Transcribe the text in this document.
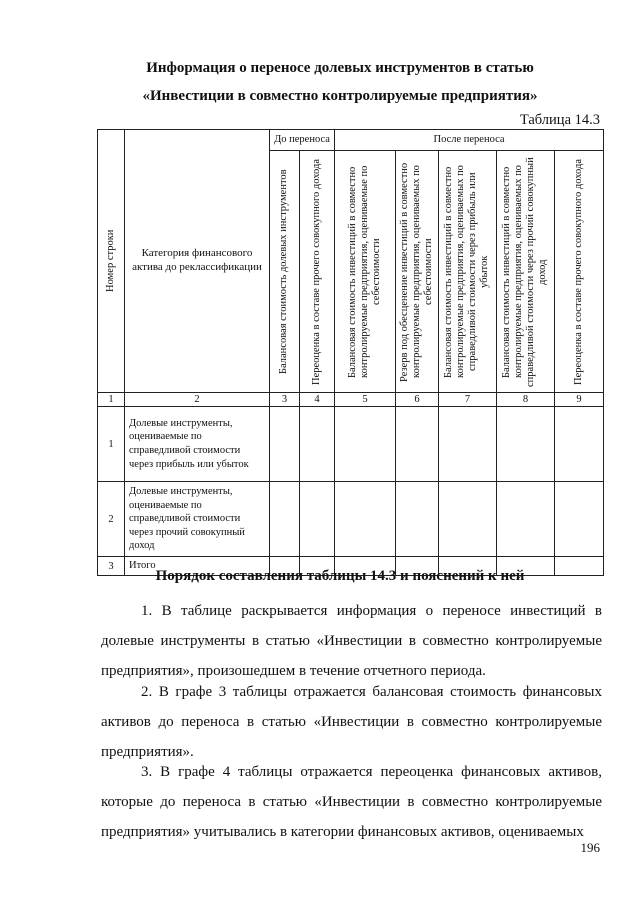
Информация о переносе долевых инструментов в статью
«Инвестиции в совместно контролируемые предприятия»
Таблица 14.3
Номер строки	Категория финансового актива до реклассификации	До переноса		После переноса				

		Балансовая стоимость долевых инструментов	Переоценка в составе прочего совокупного дохода	Балансовая стоимость инвестиций в совместно контролируемые предприятия, оцениваемые по себестоимости	Резерв под обесценение инвестиций в совместно контролируемые предприятия, оцениваемых по себестоимости	Балансовая стоимость инвестиций в совместно контролируемые предприятия, оцениваемых по справедливой стоимости через прибыль или убыток	Балансовая стоимость инвестиций в совместно контролируемые предприятия, оцениваемых по справедливой стоимости через прочий совокупный доход	Переоценка в составе прочего совокупного дохода

1	2	3	4	5	6	7	8	9
1	Долевые инструменты, оцениваемые по справедливой стоимости через прибыль или убыток							
2	Долевые инструменты, оцениваемые по справедливой стоимости через прочий совокупный доход							
3	Итого							
Порядок составления таблицы 14.3 и пояснений к ней
1. В таблице раскрывается информация о переносе инвестиций в долевые инструменты в статью «Инвестиции в совместно контролируемые предприятия», произошедшем в течение отчетного периода.
2. В графе 3 таблицы отражается балансовая стоимость финансовых активов до переноса в статью «Инвестиции в совместно контролируемые предприятия».
3. В графе 4 таблицы отражается переоценка финансовых активов, которые до переноса в статью «Инвестиции в совместно контролируемые предприятия» учитывались в категории финансовых активов, оцениваемых
196
